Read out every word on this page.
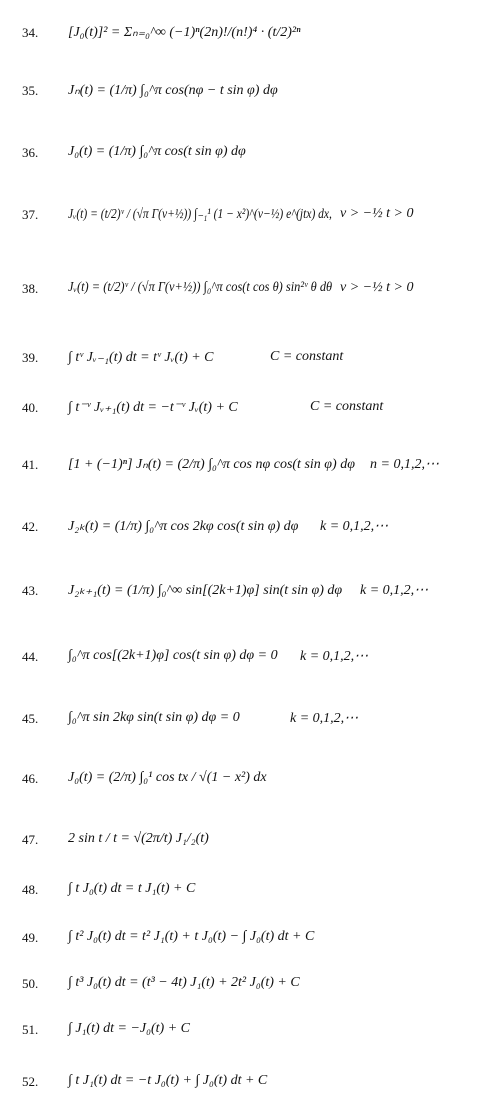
34. [J₀(t)]² = Σₙ₌₀^∞ (−1)ⁿ(2n)!/(n!)⁴ · (t/2)²ⁿ
35. Jₙ(t) = (1/π) ∫₀^π cos(nφ − t sin φ) dφ
36. J₀(t) = (1/π) ∫₀^π cos(t sin φ) dφ
37. Jᵥ(t) = (t/2)ᵛ / (√π Γ(ν+½)) ∫₋₁¹ (1 − x²)^(ν−½) e^(jtx) dx, ν > −½ t > 0
38. Jᵥ(t) = (t/2)ᵛ / (√π Γ(ν+½)) ∫₀^π cos(t cos θ) sin²ᵛ θ dθ ν > −½ t > 0
39. ∫ tᵛ Jᵥ₋₁(t) dt = tᵛ Jᵥ(t) + C	C = constant
40. ∫ t⁻ᵛ Jᵥ₊₁(t) dt = −t⁻ᵛ Jᵥ(t) + C	C = constant
41. [1 + (−1)ⁿ] Jₙ(t) = (2/π) ∫₀^π cos nφ cos(t sin φ) dφ n = 0,1,2,⋯
42. J₂ₖ(t) = (1/π) ∫₀^π cos 2kφ cos(t sin φ) dφ k = 0,1,2,⋯
43. J₂ₖ₊₁(t) = (1/π) ∫₀^∞ sin[(2k+1)φ] sin(t sin φ) dφ k = 0,1,2,⋯
44. ∫₀^π cos[(2k+1)φ] cos(t sin φ) dφ = 0 k = 0,1,2,⋯
45. ∫₀^π sin 2kφ sin(t sin φ) dφ = 0	k = 0,1,2,⋯
46. J₀(t) = (2/π) ∫₀¹ cos tx / √(1 − x²) dx
47. 2 sin t / t = √(2π/t) J₁/₂(t)
48. ∫ t J₀(t) dt = t J₁(t) + C
49. ∫ t² J₀(t) dt = t² J₁(t) + t J₀(t) − ∫ J₀(t) dt + C
50. ∫ t³ J₀(t) dt = (t³ − 4t) J₁(t) + 2t² J₀(t) + C
51. ∫ J₁(t) dt = −J₀(t) + C
52. ∫ t J₁(t) dt = −t J₀(t) + ∫ J₀(t) dt + C
